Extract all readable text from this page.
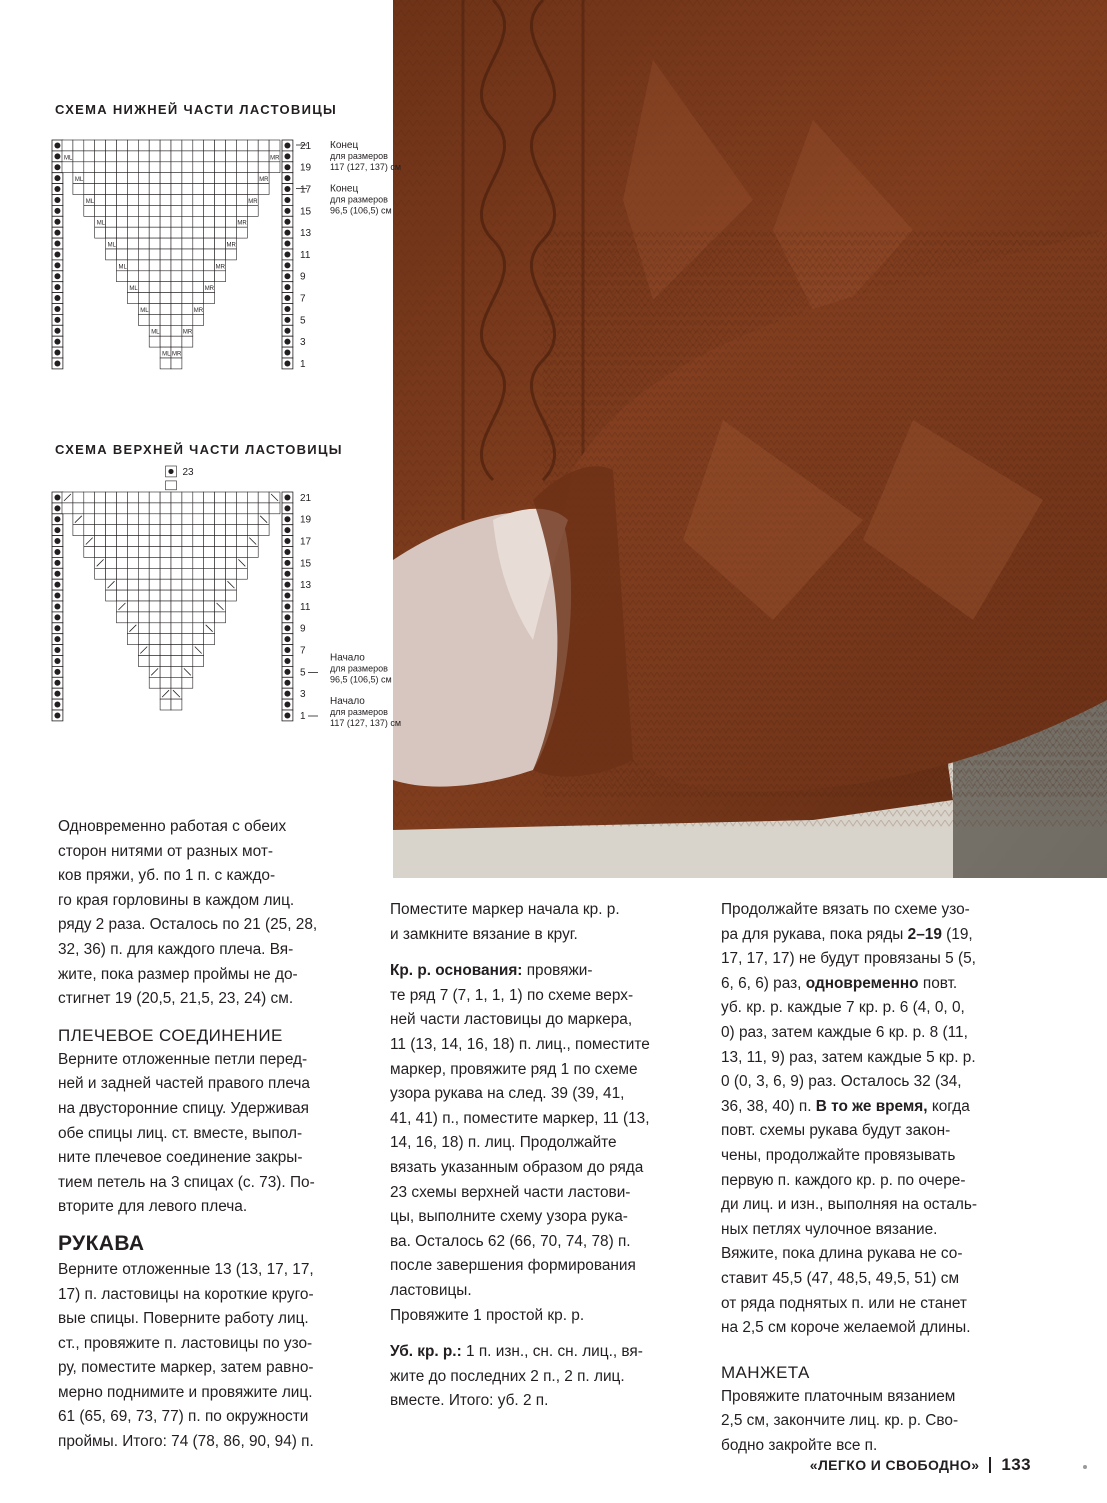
СХЕМА НИЖНЕЙ ЧАСТИ ЛАСТОВИЦЫ
ML	MR
ML	MR
ML	MR
ML	MR
ML	MR
ML	MR
ML	MR
ML	MR
ML	MR
ML MR
21
19
17
15
13
11
9
7
5
3
1
Конец
для размеров
117 (127, 137) см
Конец
для размеров
96,5 (106,5) см
СХЕМА ВЕРХНЕЙ ЧАСТИ ЛАСТОВИЦЫ
23
21
19
17
15
13
11
9
7
5
3
1
Начало
для размеров
96,5 (106,5) см
Начало
для размеров
117 (127, 137) см

Одновременно работая с обеих

сторон нитями от разных мот-

ков пряжи, уб. по 1 п. с каждо-

го края горловины в каждом лиц.

ряду 2 раза. Осталось по 21 (25, 28,

32, 36) п. для каждого плеча. Вя-

жите, пока размер проймы не до-

стигнет 19 (20,5, 21,5, 23, 24) см.

ПЛЕЧЕВОЕ СОЕДИНЕНИЕ

Верните отложенные петли перед-

ней и задней частей правого плеча

на двусторонние спицу. Удерживая

обе спицы лиц. ст. вместе, выпол-

ните плечевое соединение закры-

тием петель на 3 спицах (с. 73). По-

вторите для левого плеча.

РУКАВА

Верните отложенные 13 (13, 17, 17,

17) п. ластовицы на короткие круго-

вые спицы. Поверните работу лиц.

ст., провяжите п. ластовицы по узо-

ру, поместите маркер, затем равно-

мерно поднимите и провяжите лиц.

61 (65, 69, 73, 77) п. по окружности

проймы. Итого: 74 (78, 86, 90, 94) п.

Поместите маркер начала кр. р.

и замкните вязание в круг.

Кр. р. основания: провяжи-

те ряд 7 (7, 1, 1, 1) по схеме верх-

ней части ластовицы до маркера,

11 (13, 14, 16, 18) п. лиц., поместите

маркер, провяжите ряд 1 по схеме

узора рукава на след. 39 (39, 41,

41, 41) п., поместите маркер, 11 (13,

14, 16, 18) п. лиц. Продолжайте

вязать указанным образом до ряда

23 схемы верхней части ластови-

цы, выполните схему узора рука-

ва. Осталось 62 (66, 70, 74, 78) п.

после завершения формирования

ластовицы.

Провяжите 1 простой кр. р.

Уб. кр. р.: 1 п. изн., сн. сн. лиц., вя-

жите до последних 2 п., 2 п. лиц.

вместе. Итого: уб. 2 п.

Продолжайте вязать по схеме узо-

ра для рукава, пока ряды 2–19 (19,

17, 17, 17) не будут провязаны 5 (5,

6, 6, 6) раз, одновременно повт.

уб. кр. р. каждые 7 кр. р. 6 (4, 0, 0,

0) раз, затем каждые 6 кр. р. 8 (11,

13, 11, 9) раз, затем каждые 5 кр. р.

0 (0, 3, 6, 9) раз. Осталось 32 (34,

36, 38, 40) п. В то же время, когда

повт. схемы рукава будут закон-

чены, продолжайте провязывать

первую п. каждого кр. р. по очере-

ди лиц. и изн., выполняя на осталь-

ных петлях чулочное вязание.

Вяжите, пока длина рукава не со-

ставит 45,5 (47, 48,5, 49,5, 51) см

от ряда поднятых п. или не станет

на 2,5 см короче желаемой длины.

МАНЖЕТА

Провяжите платочным вязанием

2,5 см, закончите лиц. кр. р. Сво-

бодно закройте все п.

«ЛЕГКО И СВОБОДНО» 133
